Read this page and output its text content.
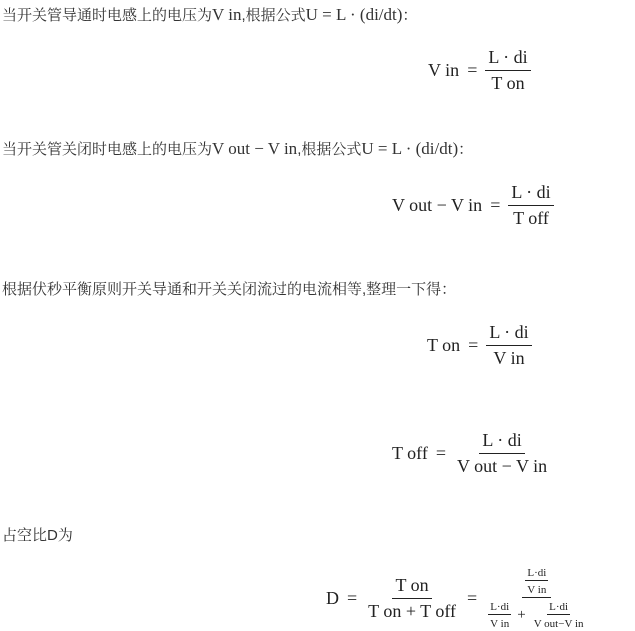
当开关管导通时电感上的电压为V in,根据公式U = L · (di/dt)：
V in = $\frac{L \cdot di}{\text{T on}}$
当开关管关闭时电感上的电压为V out − V in,根据公式U = L · (di/dt)：
V out − V in = $\frac{L \cdot di}{\text{T off}}$
根据伏秒平衡原则开关导通和开关关闭流过的电流相等,整理一下得：
T on = $\frac{L \cdot di}{\text{V in}}$
T off = $\frac{L \cdot di}{\text{V out − V in}}$
占空比D为
$D = \frac{\text{T on}}{\text{T on + T off}}$ =
$\frac{L\cdot di}{\text{V in}}$
$\frac{L\cdot di}{\text{V in}} + \frac{L\cdot di}{\text{V out−V in}}$
